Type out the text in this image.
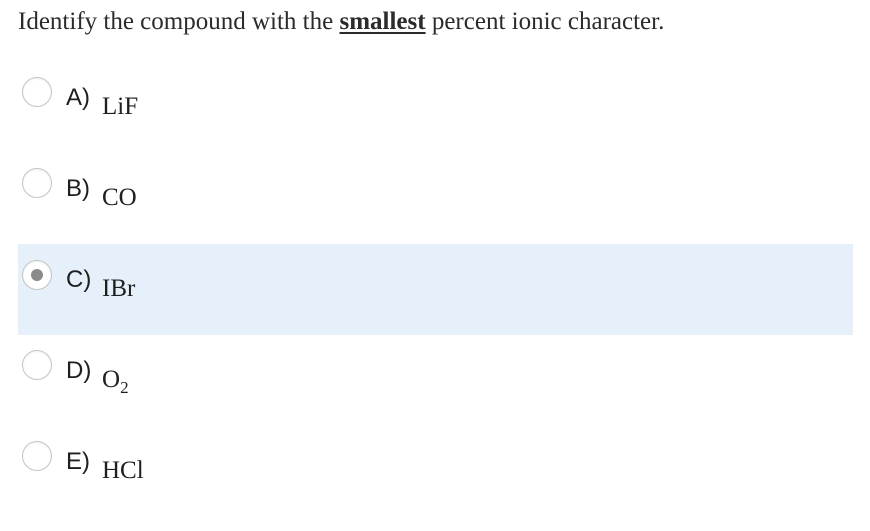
Identify the compound with the smallest percent ionic character.
A) LiF
B) CO
C) IBr
D) $O_2$
E) HCl
